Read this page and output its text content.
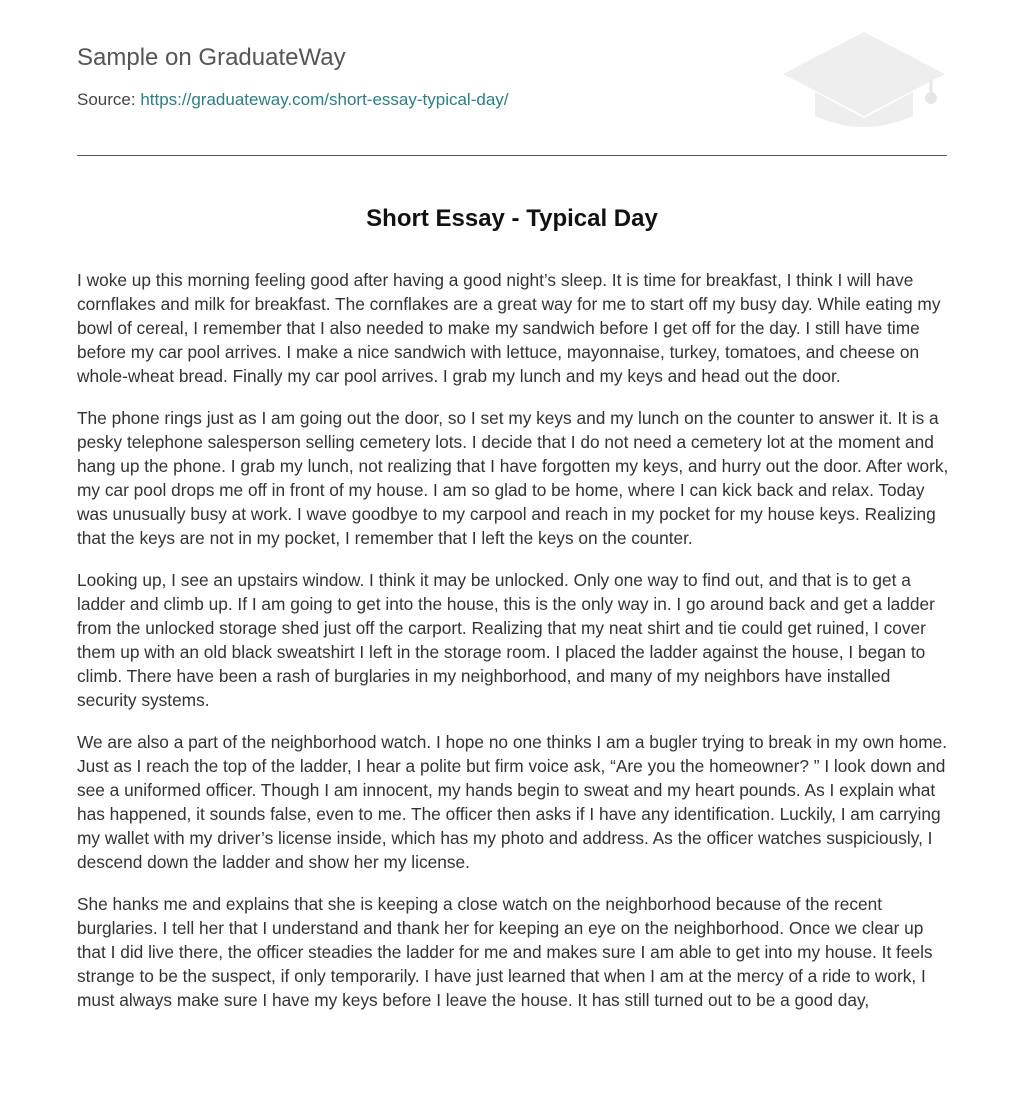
Sample on GraduateWay
Source: https://graduateway.com/short-essay-typical-day/
Short Essay - Typical Day

I woke up this morning feeling good after having a good night’s sleep. It is time for breakfast, I think I will have cornflakes and milk for breakfast. The cornflakes are a great way for me to start off my busy day. While eating my bowl of cereal, I remember that I also needed to make my sandwich before I get off for the day. I still have time before my car pool arrives. I make a nice sandwich with lettuce, mayonnaise, turkey, tomatoes, and cheese on whole-wheat bread. Finally my car pool arrives. I grab my lunch and my keys and head out the door.

The phone rings just as I am going out the door, so I set my keys and my lunch on the counter to answer it. It is a pesky telephone salesperson selling cemetery lots. I decide that I do not need a cemetery lot at the moment and hang up the phone. I grab my lunch, not realizing that I have forgotten my keys, and hurry out the door. After work, my car pool drops me off in front of my house. I am so glad to be home, where I can kick back and relax. Today was unusually busy at work. I wave goodbye to my carpool and reach in my pocket for my house keys. Realizing that the keys are not in my pocket, I remember that I left the keys on the counter.

Looking up, I see an upstairs window. I think it may be unlocked. Only one way to find out, and that is to get a ladder and climb up. If I am going to get into the house, this is the only way in. I go around back and get a ladder from the unlocked storage shed just off the carport. Realizing that my neat shirt and tie could get ruined, I cover them up with an old black sweatshirt I left in the storage room. I placed the ladder against the house, I began to climb. There have been a rash of burglaries in my neighborhood, and many of my neighbors have installed security systems.

We are also a part of the neighborhood watch. I hope no one thinks I am a bugler trying to break in my own home. Just as I reach the top of the ladder, I hear a polite but firm voice ask, “Are you the homeowner? ” I look down and see a uniformed officer. Though I am innocent, my hands begin to sweat and my heart pounds. As I explain what has happened, it sounds false, even to me. The officer then asks if I have any identification. Luckily, I am carrying my wallet with my driver’s license inside, which has my photo and address. As the officer watches suspiciously, I descend down the ladder and show her my license.

She hanks me and explains that she is keeping a close watch on the neighborhood because of the recent burglaries. I tell her that I understand and thank her for keeping an eye on the neighborhood. Once we clear up that I did live there, the officer steadies the ladder for me and makes sure I am able to get into my house. It feels strange to be the suspect, if only temporarily. I have just learned that when I am at the mercy of a ride to work, I must always make sure I have my keys before I leave the house. It has still turned out to be a good day,
